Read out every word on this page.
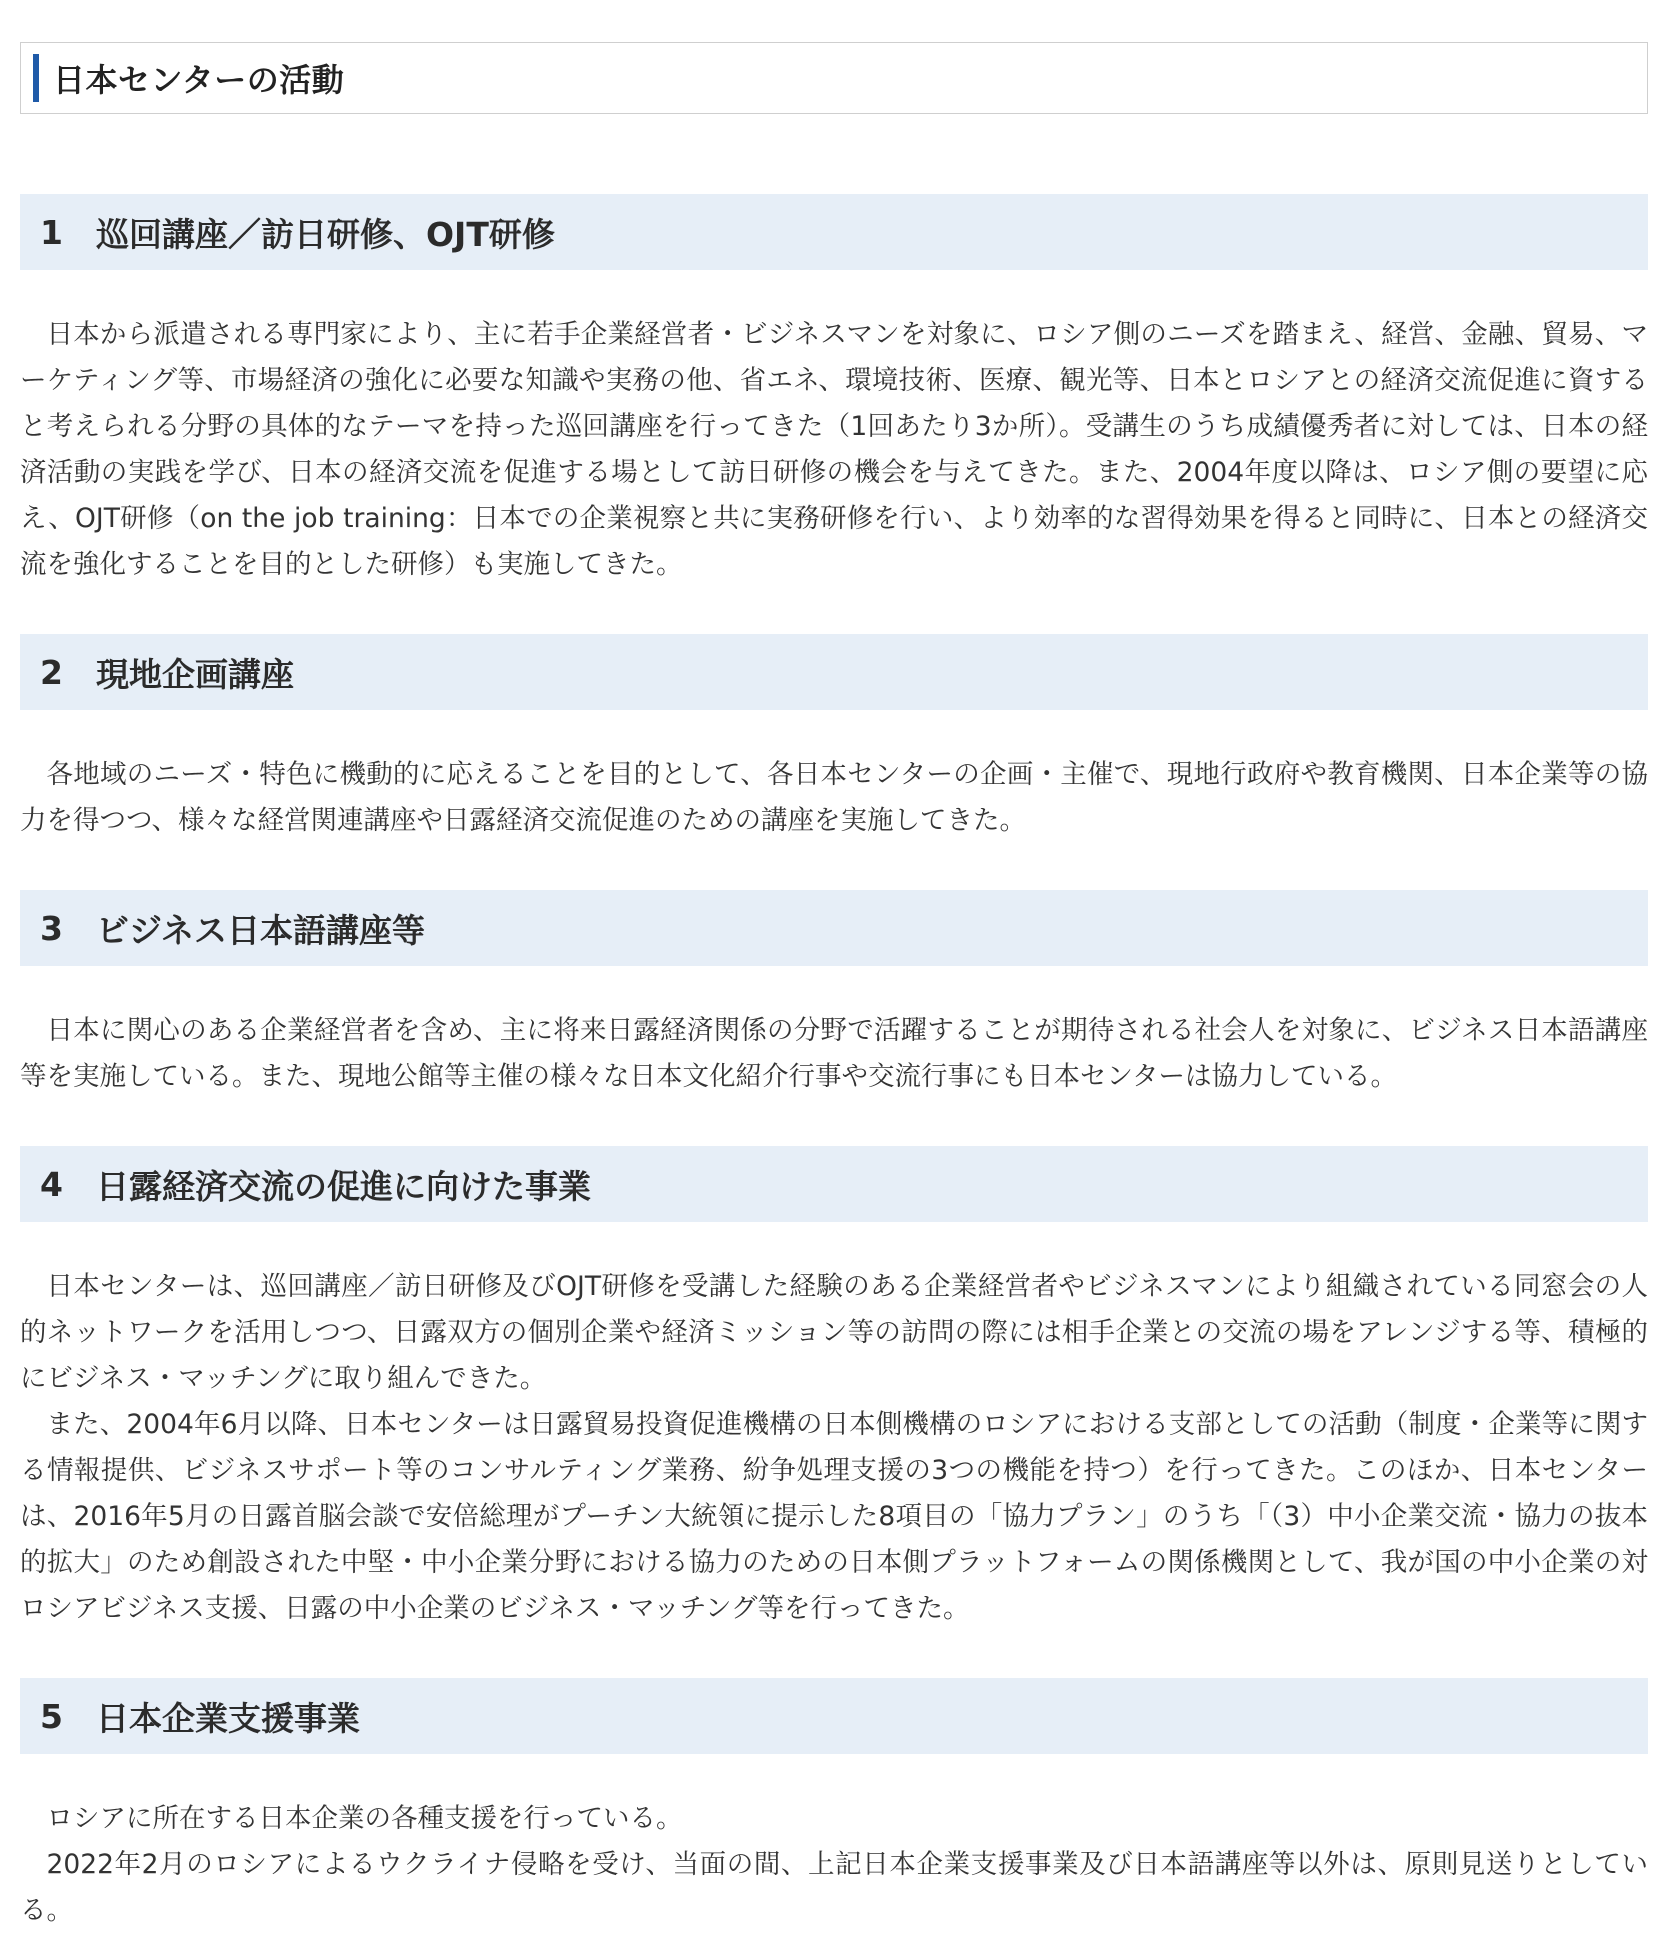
日本センターの活動
1	巡回講座／訪日研修、OJT研修

日本から派遣される専門家により、主に若手企業経営者・ビジネスマンを対象に、ロシア側のニーズを踏まえ、経営、金融、貿易、マーケティング等、市場経済の強化に必要な知識や実務の他、省エネ、環境技術、医療、観光等、日本とロシアとの経済交流促進に資すると考えられる分野の具体的なテーマを持った巡回講座を行ってきた（1回あたり3か所）。受講生のうち成績優秀者に対しては、日本の経済活動の実践を学び、日本の経済交流を促進する場として訪日研修の機会を与えてきた。また、2004年度以降は、ロシア側の要望に応え、OJT研修（on the job training：日本での企業視察と共に実務研修を行い、より効率的な習得効果を得ると同時に、日本との経済交流を強化することを目的とした研修）も実施してきた。

2	現地企画講座

各地域のニーズ・特色に機動的に応えることを目的として、各日本センターの企画・主催で、現地行政府や教育機関、日本企業等の協力を得つつ、様々な経営関連講座や日露経済交流促進のための講座を実施してきた。

3	ビジネス日本語講座等

日本に関心のある企業経営者を含め、主に将来日露経済関係の分野で活躍することが期待される社会人を対象に、ビジネス日本語講座等を実施している。また、現地公館等主催の様々な日本文化紹介行事や交流行事にも日本センターは協力している。

4	日露経済交流の促進に向けた事業

日本センターは、巡回講座／訪日研修及びOJT研修を受講した経験のある企業経営者やビジネスマンにより組織されている同窓会の人的ネットワークを活用しつつ、日露双方の個別企業や経済ミッション等の訪問の際には相手企業との交流の場をアレンジする等、積極的にビジネス・マッチングに取り組んできた。

また、2004年6月以降、日本センターは日露貿易投資促進機構の日本側機構のロシアにおける支部としての活動（制度・企業等に関する情報提供、ビジネスサポート等のコンサルティング業務、紛争処理支援の3つの機能を持つ）を行ってきた。このほか、日本センターは、2016年5月の日露首脳会談で安倍総理がプーチン大統領に提示した8項目の「協力プラン」のうち「（3）中小企業交流・協力の抜本的拡大」のため創設された中堅・中小企業分野における協力のための日本側プラットフォームの関係機関として、我が国の中小企業の対ロシアビジネス支援、日露の中小企業のビジネス・マッチング等を行ってきた。

5	日本企業支援事業

ロシアに所在する日本企業の各種支援を行っている。

2022年2月のロシアによるウクライナ侵略を受け、当面の間、上記日本企業支援事業及び日本語講座等以外は、原則見送りとしている。
